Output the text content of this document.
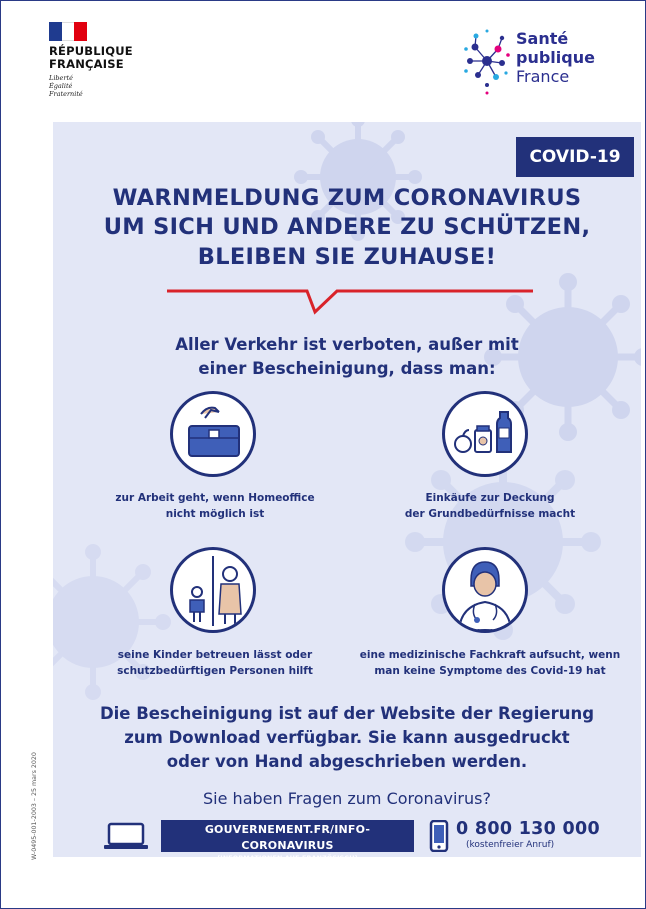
RÉPUBLIQUE
FRANÇAISE
Liberté
Égalité
Fraternité
Santé
publique
France
COVID-19
WARNMELDUNG ZUM CORONAVIRUS
UM SICH UND ANDERE ZU SCHÜTZEN,
BLEIBEN SIE ZUHAUSE!
Aller Verkehr ist verboten, außer mit
einer Bescheinigung, dass man:
zur Arbeit geht, wenn Homeoffice
nicht möglich ist
Einkäufe zur Deckung
der Grundbedürfnisse macht
seine Kinder betreuen lässt oder
schutzbedürftigen Personen hilft
eine medizinische Fachkraft aufsucht, wenn
man keine Symptome des Covid-19 hat
Die Bescheinigung ist auf der Website der Regierung
zum Download verfügbar. Sie kann ausgedruckt
oder von Hand abgeschrieben werden.
Sie haben Fragen zum Coronavirus?
GOUVERNEMENT.FR/INFO-CORONAVIRUS
(INFORMATIONEN AUF FRANZÖSISCH)
0 800 130 000
(kostenfreier Anruf)
W-0495-001-2003 – 25 mars 2020
